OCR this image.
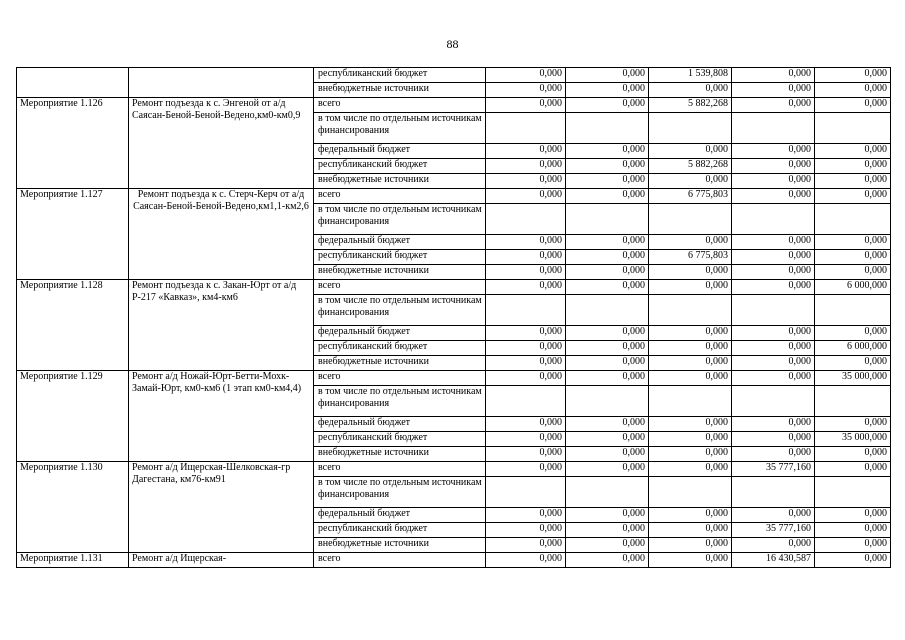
88
		республиканский бюджет	0,000	0,000	1 539,808	0,000	0,000
		внебюджетные источники	0,000	0,000	0,000	0,000	0,000
Мероприятие 1.126	Ремонт подъезда к с. Энгеной от а/д Саясан-Беной-Беной-Ведено,км0-км0,9	всего	0,000	0,000	5 882,268	0,000	0,000
		в том числе по отдельным источникам финансирования					
		федеральный бюджет	0,000	0,000	0,000	0,000	0,000
		республиканский бюджет	0,000	0,000	5 882,268	0,000	0,000
		внебюджетные источники	0,000	0,000	0,000	0,000	0,000
Мероприятие 1.127	Ремонт подъезда к с. Стерч-Керч от а/д Саясан-Беной-Беной-Ведено,км1,1-км2,6	всего	0,000	0,000	6 775,803	0,000	0,000
		в том числе по отдельным источникам финансирования					
		федеральный бюджет	0,000	0,000	0,000	0,000	0,000
		республиканский бюджет	0,000	0,000	6 775,803	0,000	0,000
		внебюджетные источники	0,000	0,000	0,000	0,000	0,000
Мероприятие 1.128	Ремонт подъезда к с. Закан-Юрт от а/д Р-217 «Кавказ», км4-км6	всего	0,000	0,000	0,000	0,000	6 000,000
		в том числе по отдельным источникам финансирования					
		федеральный бюджет	0,000	0,000	0,000	0,000	0,000
		республиканский бюджет	0,000	0,000	0,000	0,000	6 000,000
		внебюджетные источники	0,000	0,000	0,000	0,000	0,000
Мероприятие 1.129	Ремонт а/д Ножай-Юрт-Бетти-Мохк-Замай-Юрт, км0-км6 (1 этап км0-км4,4)	всего	0,000	0,000	0,000	0,000	35 000,000
		в том числе по отдельным источникам финансирования					
		федеральный бюджет	0,000	0,000	0,000	0,000	0,000
		республиканский бюджет	0,000	0,000	0,000	0,000	35 000,000
		внебюджетные источники	0,000	0,000	0,000	0,000	0,000
Мероприятие 1.130	Ремонт а/д Ищерская-Шелковская-гр Дагестана, км76-км91	всего	0,000	0,000	0,000	35 777,160	0,000
		в том числе по отдельным источникам финансирования					
		федеральный бюджет	0,000	0,000	0,000	0,000	0,000
		республиканский бюджет	0,000	0,000	0,000	35 777,160	0,000
		внебюджетные источники	0,000	0,000	0,000	0,000	0,000
Мероприятие 1.131	Ремонт а/д Ищерская-	всего	0,000	0,000	0,000	16 430,587	0,000
